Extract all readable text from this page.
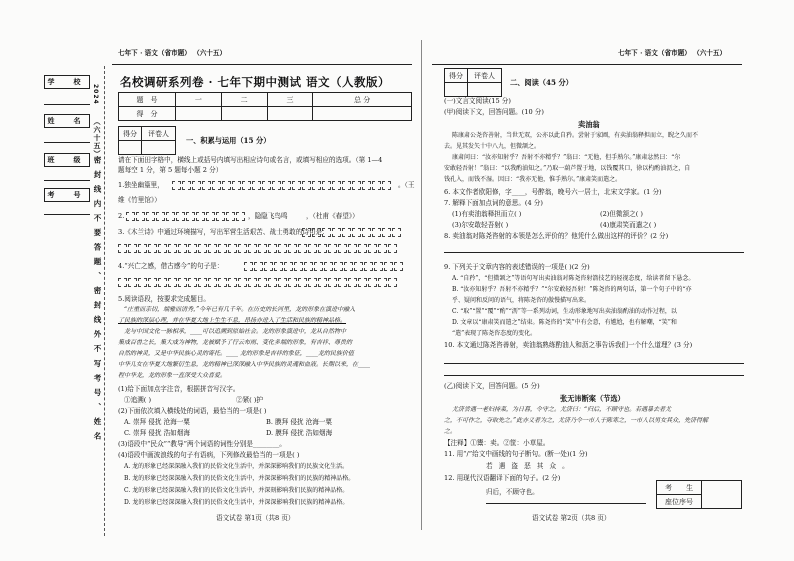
七年下 · 语文（省市题） （六十五）	七年下 · 语文（省市题） （六十五）
学　校
姓　名
班　级
考　号
2024
（六十五）
密 封 线 内 不 要 答 题 、 密 封 线 外 不 写 考 号 、 姓 名
名校调研系列卷 · 七年下期中测试 语文（人教版）
题　号	一	二	三	总 分
得　分				
得分	评卷人

一、积累与运用（15 分）
请在下面田字格中，横线上或括号内填写出相应诗句或名言，或填写相应的选项。（第 1—4
题每空 1 分，第 5 题每小题 2 分）
1.独坐幽篁里，	。（王
维《竹里馆》）
2.	，隐隐飞鸟鸣	，（杜甫《春望》）
3.《木兰诗》中通过环境描写，写出军营生活艰苦、战士勇敢的诗句是：
4.“兴亡之感，借古感今”的句子是：
5.阅读语段，按要求完成题目。
“庄重而亲切，端雅而清秀，”今年已有几千年。在历史的长河里，龙的形象在演进中融入
了民族的深层心理，并在华夏大地上生生不息，昂扬亦进入了生活和民族的精神品格。
龙与中国文化一脉相承，____可以追溯到原始社会。龙的形象演进中，龙从自然物中
集成百兽之长，集大成为神物，龙被赋予了行云布雨、变化多端的形象，有吉祥、尊贵的
自然的神灵，又是中华民族心灵的寄托。____ 龙的形象是吉祥的象征，____龙的民族价值
中华儿女在华夏大地繁衍生息，龙的精神已深深融入中华民族的灵魂和血液。长期以来，在____
程中华龙，龙的形象一直深受大众喜爱。
(1)给下面加点字注音，根据拼音写汉字。
①追溯( )	②紧( )护
(2)下面依次填入横线处的词语，最恰当的一项是( )
A. 崇拜 侵扰 沧海一粟	B. 膜拜 侵扰 沧海一粟
C. 崇拜 侵扰 浩如烟海	D. 膜拜 侵扰 浩如烟海
(3)语段中“民众”“教导”两个词语的词性分别是________。
(4)语段中画波浪线的句子有语病，下列修改最恰当的一项是( )
A. 龙的形象已经深深融入我们的民俗文化生活中，并深深影响我们的民族文化生活。
B. 龙的形象已经深深融入我们的民俗文化生活中，并深深影响我们的民族的精神品格。
C. 龙的形象已经深深融入我们的民俗文化生活中，并深刻影响我们民族的精神品格。
D. 龙的形象已经深深融入我们的民俗文化生活中，并深深影响我们民族的精神品格。
语文试卷 第1页（共8 页）
得分	评卷人

二、阅读（45 分）
(一)文言文阅读(15 分)
(甲)阅读下文，回答问题。(10 分)
卖油翁
陈康肃公尧咨善射，当世无双，公亦以此自矜。尝射于家圃，有卖油翁释担而立，睨之久而不
去。见其发矢十中八九，但微颔之。
康肃问曰：“汝亦知射乎？吾射不亦精乎？”翁曰：“无他，但手熟尔。”康肃忿然曰：“尔
安敢轻吾射！”翁曰：“以我酌油知之。”乃取一葫芦置于地，以钱覆其口，徐以杓酌油沥之，自
钱孔入，而钱不湿。因曰：“我亦无他，惟手熟尔。”康肃笑而遣之。
6. 本文作者欧阳修，字____，号醉翁，晚号六一居士，北宋文学家。(1 分)
7. 解释下面加点词的意思。(4 分)
(1)有卖油翁释担而立( )	(2)但微颔之( )
(3)尔安敢轻吾射( )	(4)康肃笑而遣之( )
8. 卖油翁对陈尧咨射的本领是怎么评价的？他凭什么做出这样的评价？(2 分)
9. 下列关于文章内容的表述错误的一项是( )(2 分)
A. “自矜”，“但微颔之”等语句写出卖油翁对陈尧咨射箭技艺的轻视态度，给读者留下悬念。
B. “汝亦知射乎？吾射不亦精乎？”“尔安敢轻吾射！”陈尧咨的两句话，第一个句子中的“亦
乎、疑问和反问的语气，将陈尧咨的傲慢描写出来。
C. “取”“置”“覆”“酌”“沥”等一系列动词，生动形象地写出卖油翁酌油的动作过程，以
D. 文章以“康肃笑而遣之”结束。陈尧咨的“笑”中有会意，有尴尬，也有解嘲，“笑”和
“遣”表现了陈尧咨态度的变化。
10. 本文通过陈尧咨善射，卖油翁熟练酌油人和沥之事告诉我们一个什么道理？(3 分)
(乙)阅读下文，回答问题。(5 分)
张无讳断案（节选）
尤济尝遇一老妇持菜，为日暮，令守之。尤济曰：“归后，不顾守也。若遇暴去者尤
之，不可作之，夺取先之。”此亦义者为之，尤济乃令一市人于陈寒之，一市人以男女其众，先济得解
之。
【注释】①鬻：卖。②筐：小草屋。
11. 用“/”给文中画线的句子断句。(断一处)(1 分)
若 遇 盗 恶 其 众 。
12. 用现代汉语翻译下面的句子。(2 分)
归后，不顾守也。
考　　生	
座位序号
语文试卷 第2页（共8 页）
